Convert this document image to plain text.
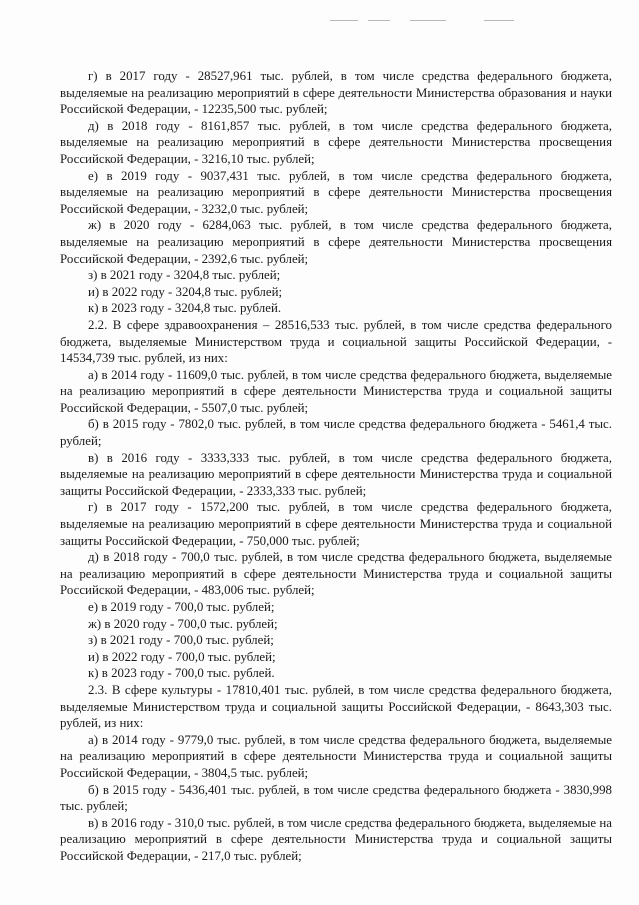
г) в 2017 году - 28527,961 тыс. рублей, в том числе средства федерального бюджета, выделяемые на реализацию мероприятий в сфере деятельности Министерства образования и науки Российской Федерации, - 12235,500 тыс. рублей;

д) в 2018 году - 8161,857 тыс. рублей, в том числе средства федерального бюджета, выделяемые на реализацию мероприятий в сфере деятельности Министерства просвещения Российской Федерации, - 3216,10 тыс. рублей;

е) в 2019 году - 9037,431 тыс. рублей, в том числе средства федерального бюджета, выделяемые на реализацию мероприятий в сфере деятельности Министерства просвещения Российской Федерации, - 3232,0 тыс. рублей;

ж) в 2020 году - 6284,063 тыс. рублей, в том числе средства федерального бюджета, выделяемые на реализацию мероприятий в сфере деятельности Министерства просвещения Российской Федерации, - 2392,6 тыс. рублей;

з) в 2021 году - 3204,8 тыс. рублей;

и) в 2022 году - 3204,8 тыс. рублей;

к) в 2023 году - 3204,8 тыс. рублей.

2.2. В сфере здравоохранения – 28516,533 тыс. рублей, в том числе средства федерального бюджета, выделяемые Министерством труда и социальной защиты Российской Федерации, - 14534,739 тыс. рублей, из них:

а) в 2014 году - 11609,0 тыс. рублей, в том числе средства федерального бюджета, выделяемые на реализацию мероприятий в сфере деятельности Министерства труда и социальной защиты Российской Федерации, - 5507,0 тыс. рублей;

б) в 2015 году - 7802,0 тыс. рублей, в том числе средства федерального бюджета - 5461,4 тыс. рублей;

в) в 2016 году - 3333,333 тыс. рублей, в том числе средства федерального бюджета, выделяемые на реализацию мероприятий в сфере деятельности Министерства труда и социальной защиты Российской Федерации, - 2333,333 тыс. рублей;

г) в 2017 году - 1572,200 тыс. рублей, в том числе средства федерального бюджета, выделяемые на реализацию мероприятий в сфере деятельности Министерства труда и социальной защиты Российской Федерации, - 750,000 тыс. рублей;

д) в 2018 году - 700,0 тыс. рублей, в том числе средства федерального бюджета, выделяемые на реализацию мероприятий в сфере деятельности Министерства труда и социальной защиты Российской Федерации, - 483,006 тыс. рублей;

е) в 2019 году - 700,0 тыс. рублей;

ж) в 2020 году - 700,0 тыс. рублей;

з) в 2021 году - 700,0 тыс. рублей;

и) в 2022 году - 700,0 тыс. рублей;

к) в 2023 году - 700,0 тыс. рублей.

2.3. В сфере культуры - 17810,401 тыс. рублей, в том числе средства федерального бюджета, выделяемые Министерством труда и социальной защиты Российской Федерации, - 8643,303 тыс. рублей, из них:

а) в 2014 году - 9779,0 тыс. рублей, в том числе средства федерального бюджета, выделяемые на реализацию мероприятий в сфере деятельности Министерства труда и социальной защиты Российской Федерации, - 3804,5 тыс. рублей;

б) в 2015 году - 5436,401 тыс. рублей, в том числе средства федерального бюджета - 3830,998 тыс. рублей;

в) в 2016 году - 310,0 тыс. рублей, в том числе средства федерального бюджета, выделяемые на реализацию мероприятий в сфере деятельности Министерства труда и социальной защиты Российской Федерации, - 217,0 тыс. рублей;
